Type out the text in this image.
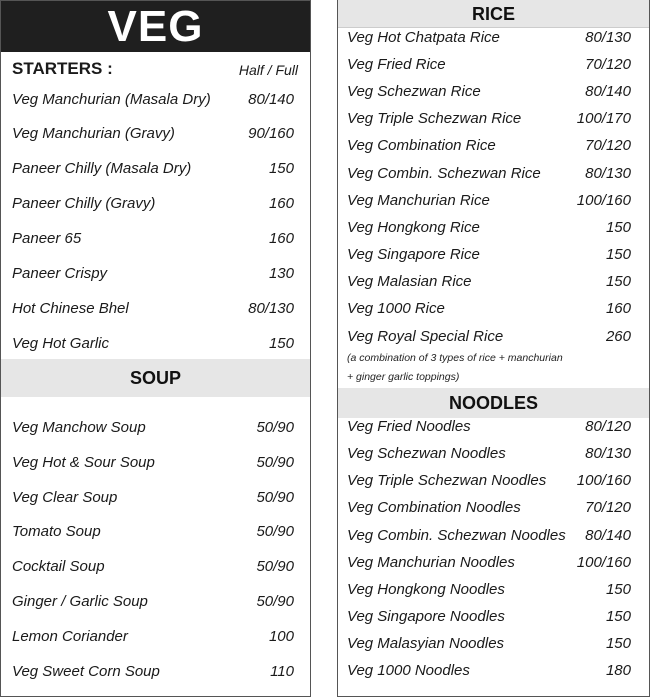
VEG
STARTERS :	Half / Full
Veg Manchurian (Masala Dry) 80/140
Veg Manchurian (Gravy)	90/160
Paneer Chilly (Masala Dry)	150
Paneer Chilly (Gravy)	160
Paneer 65	160
Paneer Crispy	130
Hot Chinese Bhel	80/130
Veg Hot Garlic	150
SOUP
Veg Manchow Soup	50/90
Veg Hot & Sour Soup	50/90
Veg Clear Soup	50/90
Tomato Soup	50/90
Cocktail Soup	50/90
Ginger / Garlic Soup	50/90
Lemon Coriander	100
Veg Sweet Corn Soup	110
RICE
Veg Hot Chatpata Rice	80/130
Veg Fried Rice	70/120
Veg Schezwan Rice	80/140
Veg Triple Schezwan Rice	100/170
Veg Combination Rice	70/120
Veg Combin. Schezwan Rice	80/130
Veg Manchurian Rice	100/160
Veg Hongkong Rice	150
Veg Singapore Rice	150
Veg Malasian Rice	150
Veg 1000 Rice	160
Veg Royal Special Rice	260
(a combination of 3 types of rice + manchurian
+ ginger garlic toppings)
NOODLES
Veg Fried Noodles	80/120
Veg Schezwan Noodles	80/130
Veg Triple Schezwan Noodles 100/160
Veg Combination Noodles	70/120
Veg Combin. Schezwan Noodles 80/140
Veg Manchurian Noodles	100/160
Veg Hongkong Noodles	150
Veg Singapore Noodles	150
Veg Malasyian Noodles	150
Veg 1000 Noodles	180
